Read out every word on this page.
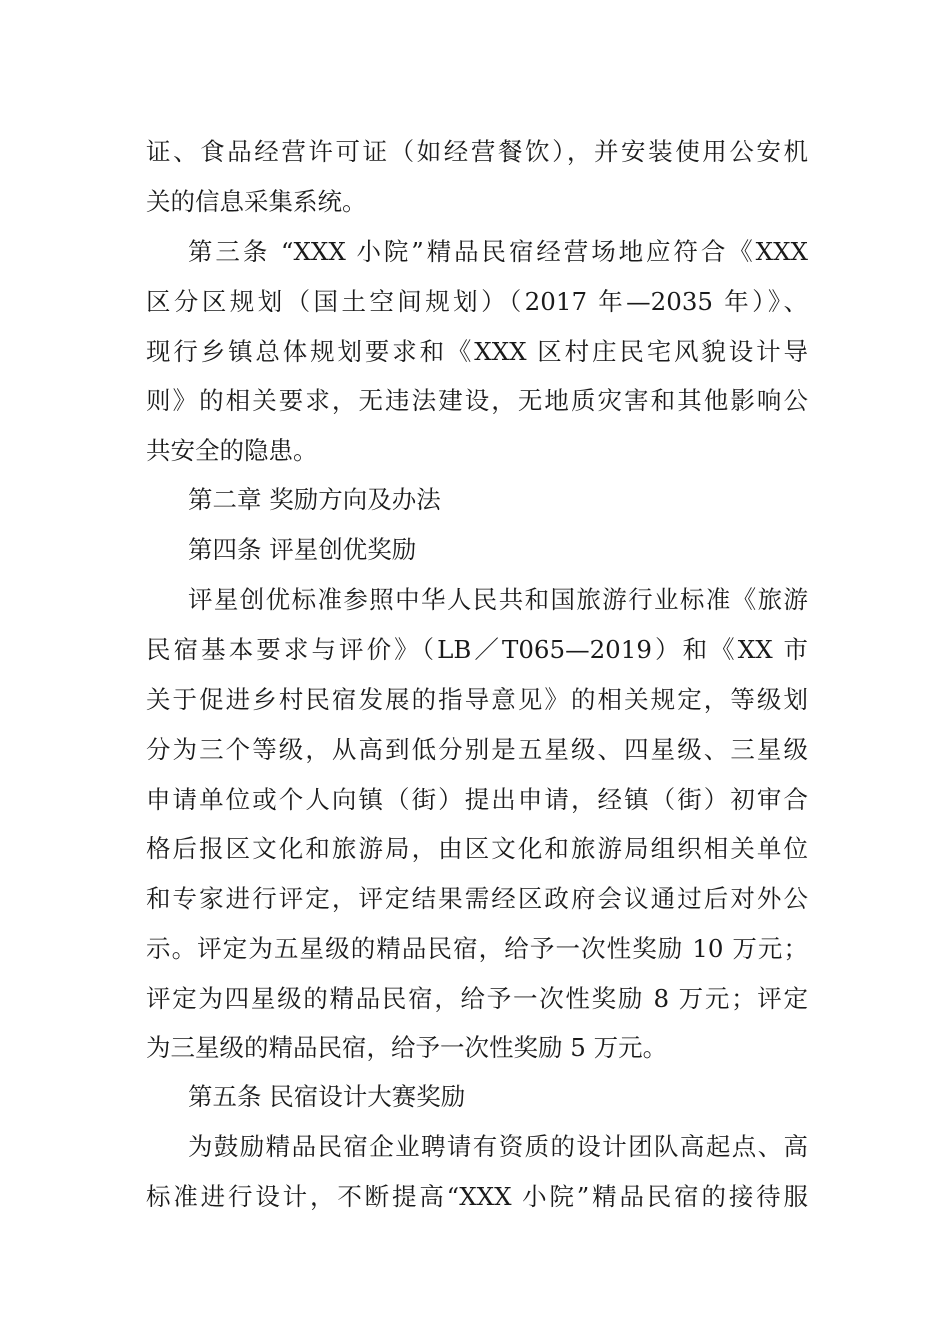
证、食品经营许可证（如经营餐饮），并安装使用公安机
关的信息采集系统。
第三条 “XXX 小院”精品民宿经营场地应符合《XXX
区分区规划（国土空间规划）（2017 年—2035 年）》、
现行乡镇总体规划要求和《XXX 区村庄民宅风貌设计导
则》的相关要求，无违法建设，无地质灾害和其他影响公
共安全的隐患。
第二章 奖励方向及办法
第四条 评星创优奖励
评星创优标准参照中华人民共和国旅游行业标准《旅游
民宿基本要求与评价》（LB／T065—2019）和《XX 市
关于促进乡村民宿发展的指导意见》的相关规定，等级划
分为三个等级，从高到低分别是五星级、四星级、三星级
申请单位或个人向镇（街）提出申请，经镇（街）初审合
格后报区文化和旅游局，由区文化和旅游局组织相关单位
和专家进行评定，评定结果需经区政府会议通过后对外公
示。评定为五星级的精品民宿，给予一次性奖励 10 万元；
评定为四星级的精品民宿，给予一次性奖励 8 万元；评定
为三星级的精品民宿，给予一次性奖励 5 万元。
第五条 民宿设计大赛奖励
为鼓励精品民宿企业聘请有资质的设计团队高起点、高
标准进行设计，不断提高“XXX 小院”精品民宿的接待服
